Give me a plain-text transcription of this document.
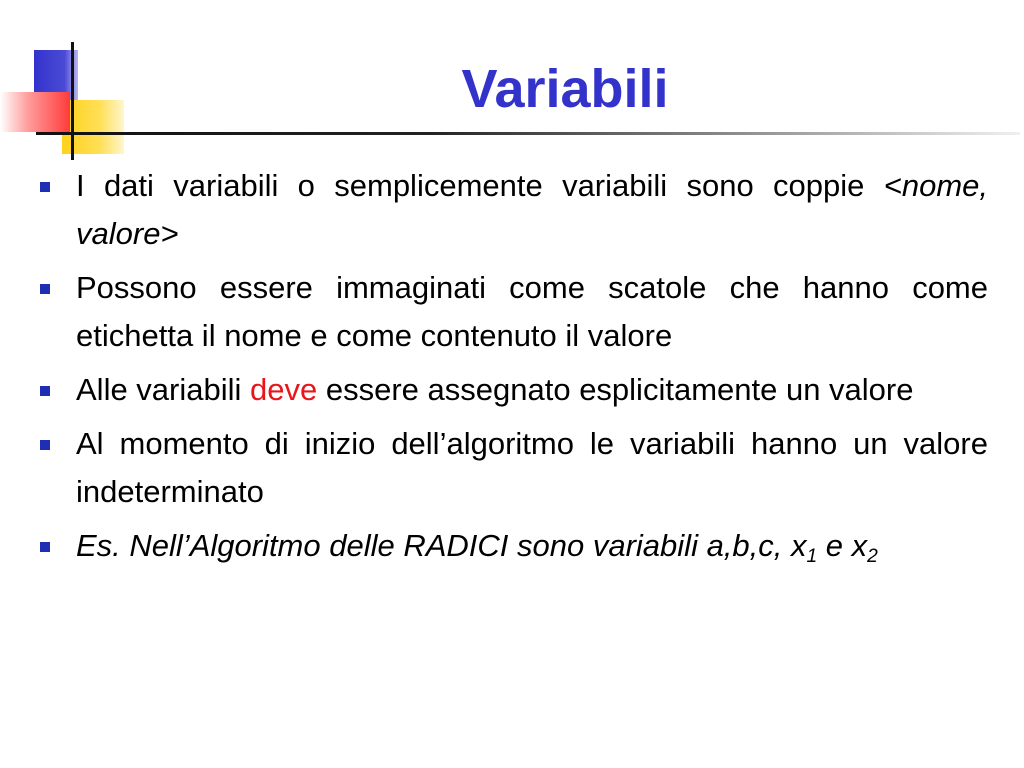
Variabili
I dati variabili o semplicemente variabili sono coppie <nome, valore>
Possono essere immaginati come scatole che hanno come etichetta il nome e come contenuto il valore
Alle variabili deve essere assegnato esplicitamente un valore
Al momento di inizio dell’algoritmo le variabili hanno un valore indeterminato
Es. Nell’Algoritmo delle RADICI sono variabili a,b,c, $x_1$ e $x_2$
